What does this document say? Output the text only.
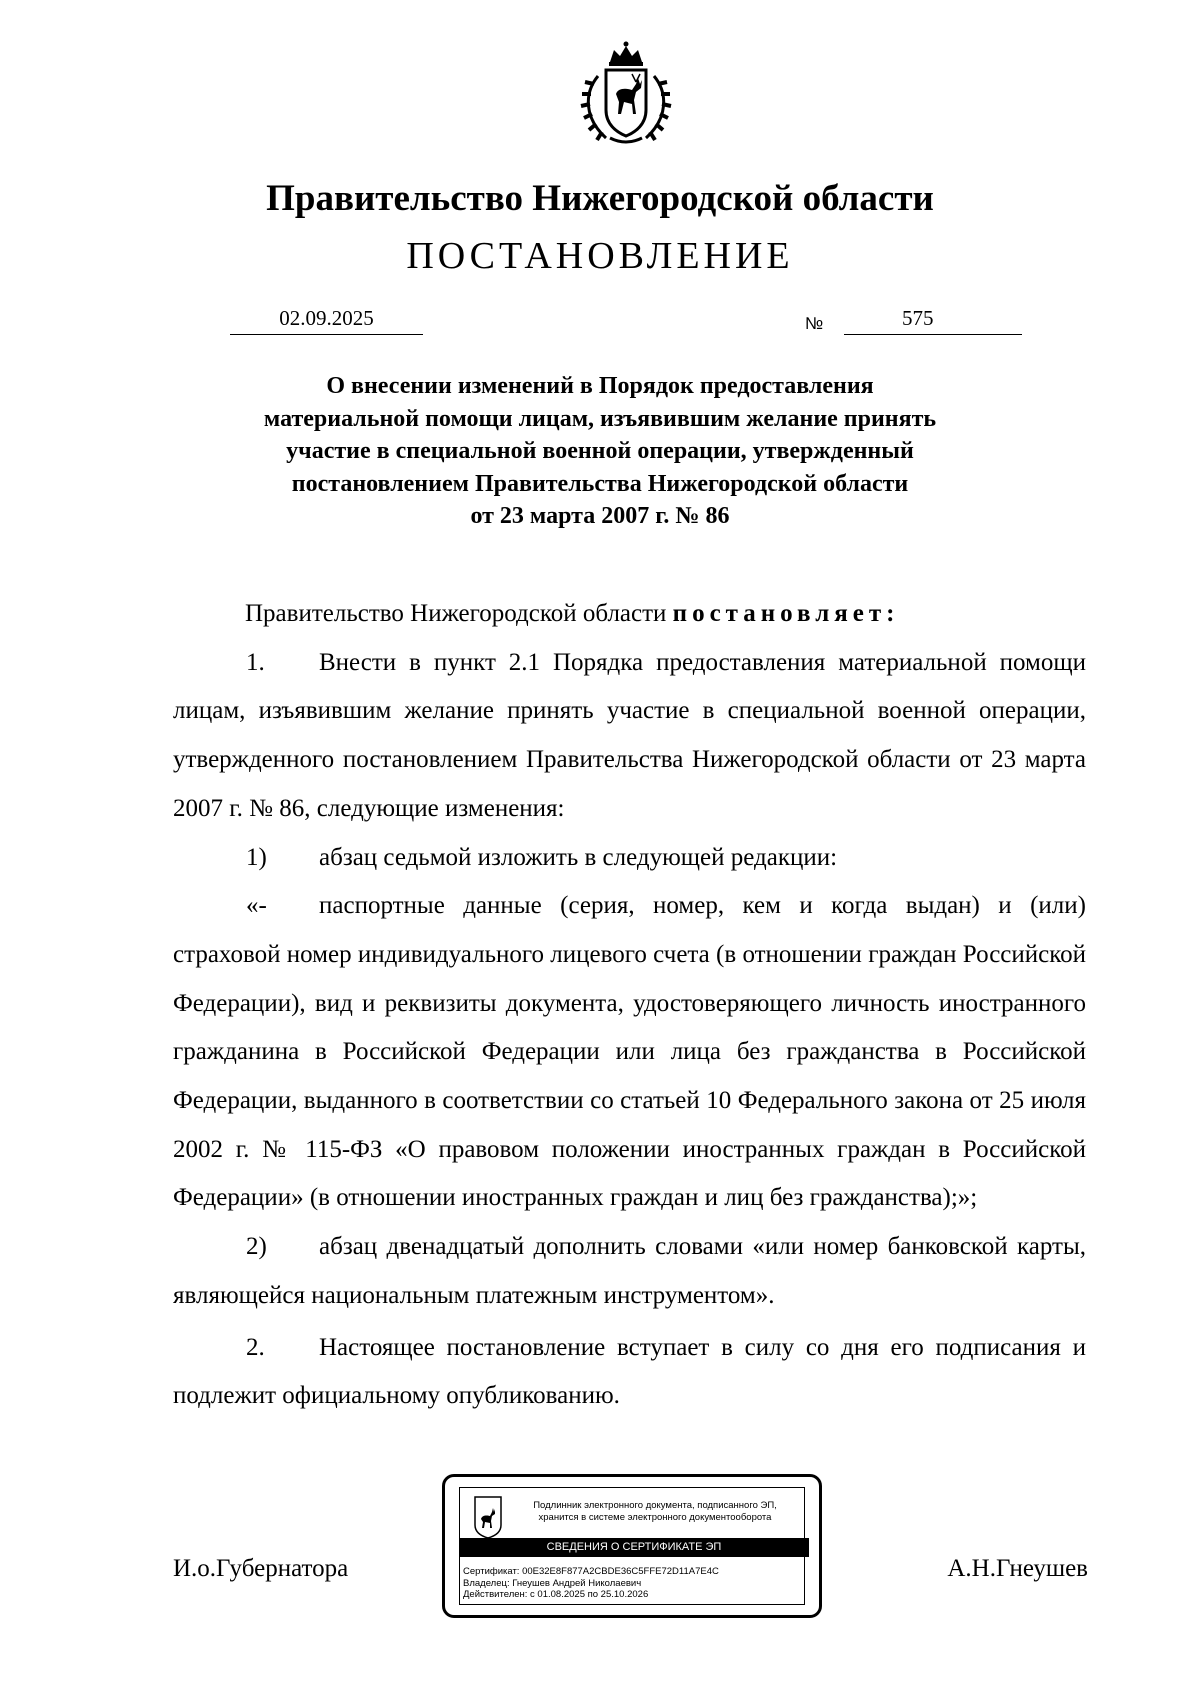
Правительство Нижегородской области
ПОСТАНОВЛЕНИЕ
02.09.2025	№	575
О внесении изменений в Порядок предоставления
материальной помощи лицам, изъявившим желание принять
участие в специальной военной операции, утвержденный
постановлением Правительства Нижегородской области
от 23 марта 2007 г. № 86

Правительство Нижегородской области постановляет:

1. Внести в пункт 2.1 Порядка предоставления материальной помощи лицам, изъявившим желание принять участие в специальной военной операции, утвержденного постановлением Правительства Нижегородской области от 23 марта 2007 г. № 86, следующие изменения:

1) абзац седьмой изложить в следующей редакции:

«- паспортные данные (серия, номер, кем и когда выдан) и (или) страховой номер индивидуального лицевого счета (в отношении граждан Российской Федерации), вид и реквизиты документа, удостоверяющего личность иностранного гражданина в Российской Федерации или лица без гражданства в Российской Федерации, выданного в соответствии со статьей 10 Федерального закона от 25 июля 2002 г. № 115-ФЗ «О правовом положении иностранных граждан в Российской Федерации» (в отношении иностранных граждан и лиц без гражданства);»;

2) абзац двенадцатый дополнить словами «или номер банковской карты, являющейся национальным платежным инструментом».

2. Настоящее постановление вступает в силу со дня его подписания и подлежит официальному опубликованию.

И.о.Губернатора	А.Н.Гнеушев
Подлинник электронного документа, подписанного ЭП,
хранится в системе электронного документооборота
СВЕДЕНИЯ О СЕРТИФИКАТЕ ЭП
Сертификат: 00E32E8F877A2CBDE36C5FFE72D11A7E4C
Владелец: Гнеушев Андрей Николаевич
Действителен: с 01.08.2025 по 25.10.2026
